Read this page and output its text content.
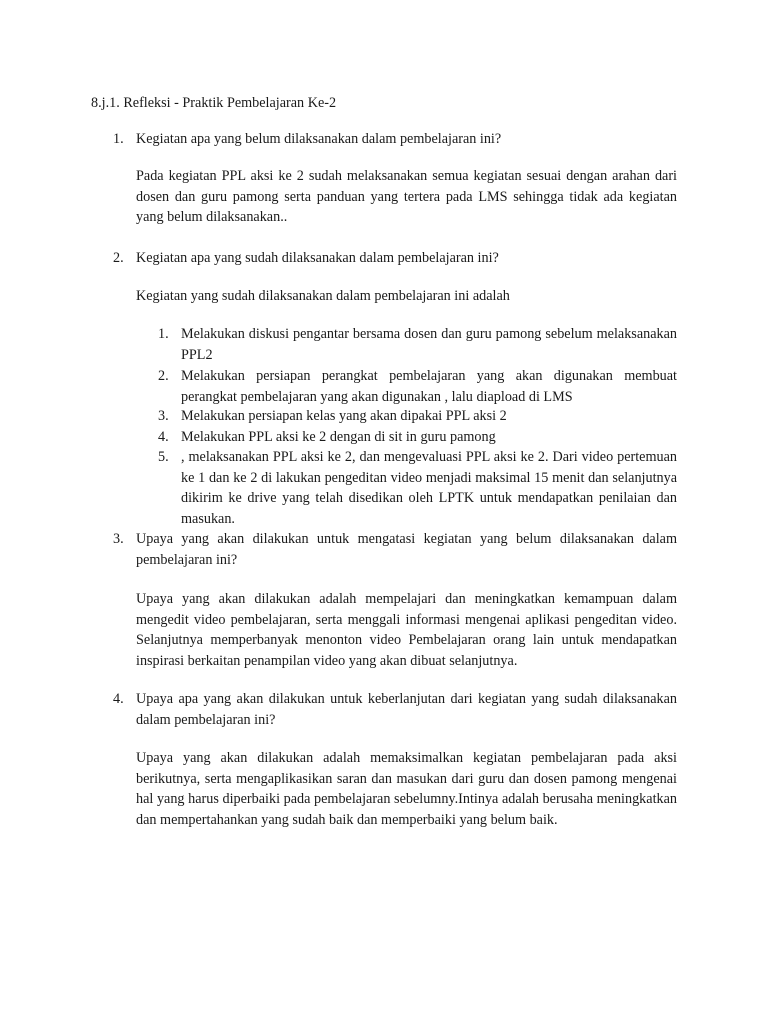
8.j.1. Refleksi - Praktik Pembelajaran Ke-2
1. Kegiatan apa yang belum dilaksanakan dalam pembelajaran ini?
Pada kegiatan PPL aksi ke 2 sudah melaksanakan semua kegiatan sesuai dengan arahan dari dosen dan guru pamong serta panduan yang tertera pada LMS sehingga tidak ada kegiatan yang belum dilaksanakan..
2. Kegiatan apa yang sudah dilaksanakan dalam pembelajaran ini?
Kegiatan yang sudah dilaksanakan dalam pembelajaran ini adalah
1. Melakukan diskusi pengantar bersama dosen dan guru pamong sebelum melaksanakan PPL2
2. Melakukan persiapan perangkat pembelajaran yang akan digunakan membuat perangkat pembelajaran yang akan digunakan , lalu diapload di LMS
3. Melakukan persiapan kelas yang akan dipakai PPL aksi 2
4. Melakukan PPL aksi ke 2 dengan di sit in guru pamong
5. , melaksanakan PPL aksi ke 2, dan mengevaluasi PPL aksi ke 2. Dari video pertemuan ke 1 dan ke 2 di lakukan pengeditan video menjadi maksimal 15 menit dan selanjutnya dikirim ke drive yang telah disedikan oleh LPTK untuk mendapatkan penilaian dan masukan.
3. Upaya yang akan dilakukan untuk mengatasi kegiatan yang belum dilaksanakan dalam pembelajaran ini?
Upaya yang akan dilakukan adalah mempelajari dan meningkatkan kemampuan dalam mengedit video pembelajaran, serta menggali informasi mengenai aplikasi pengeditan video. Selanjutnya memperbanyak menonton video Pembelajaran orang lain untuk mendapatkan inspirasi berkaitan penampilan video yang akan dibuat selanjutnya.
4. Upaya apa yang akan dilakukan untuk keberlanjutan dari kegiatan yang sudah dilaksanakan dalam pembelajaran ini?
Upaya yang akan dilakukan adalah memaksimalkan kegiatan pembelajaran pada aksi berikutnya, serta mengaplikasikan saran dan masukan dari guru dan dosen pamong mengenai hal yang harus diperbaiki pada pembelajaran sebelumny.Intinya adalah berusaha meningkatkan dan mempertahankan yang sudah baik dan memperbaiki yang belum baik.
